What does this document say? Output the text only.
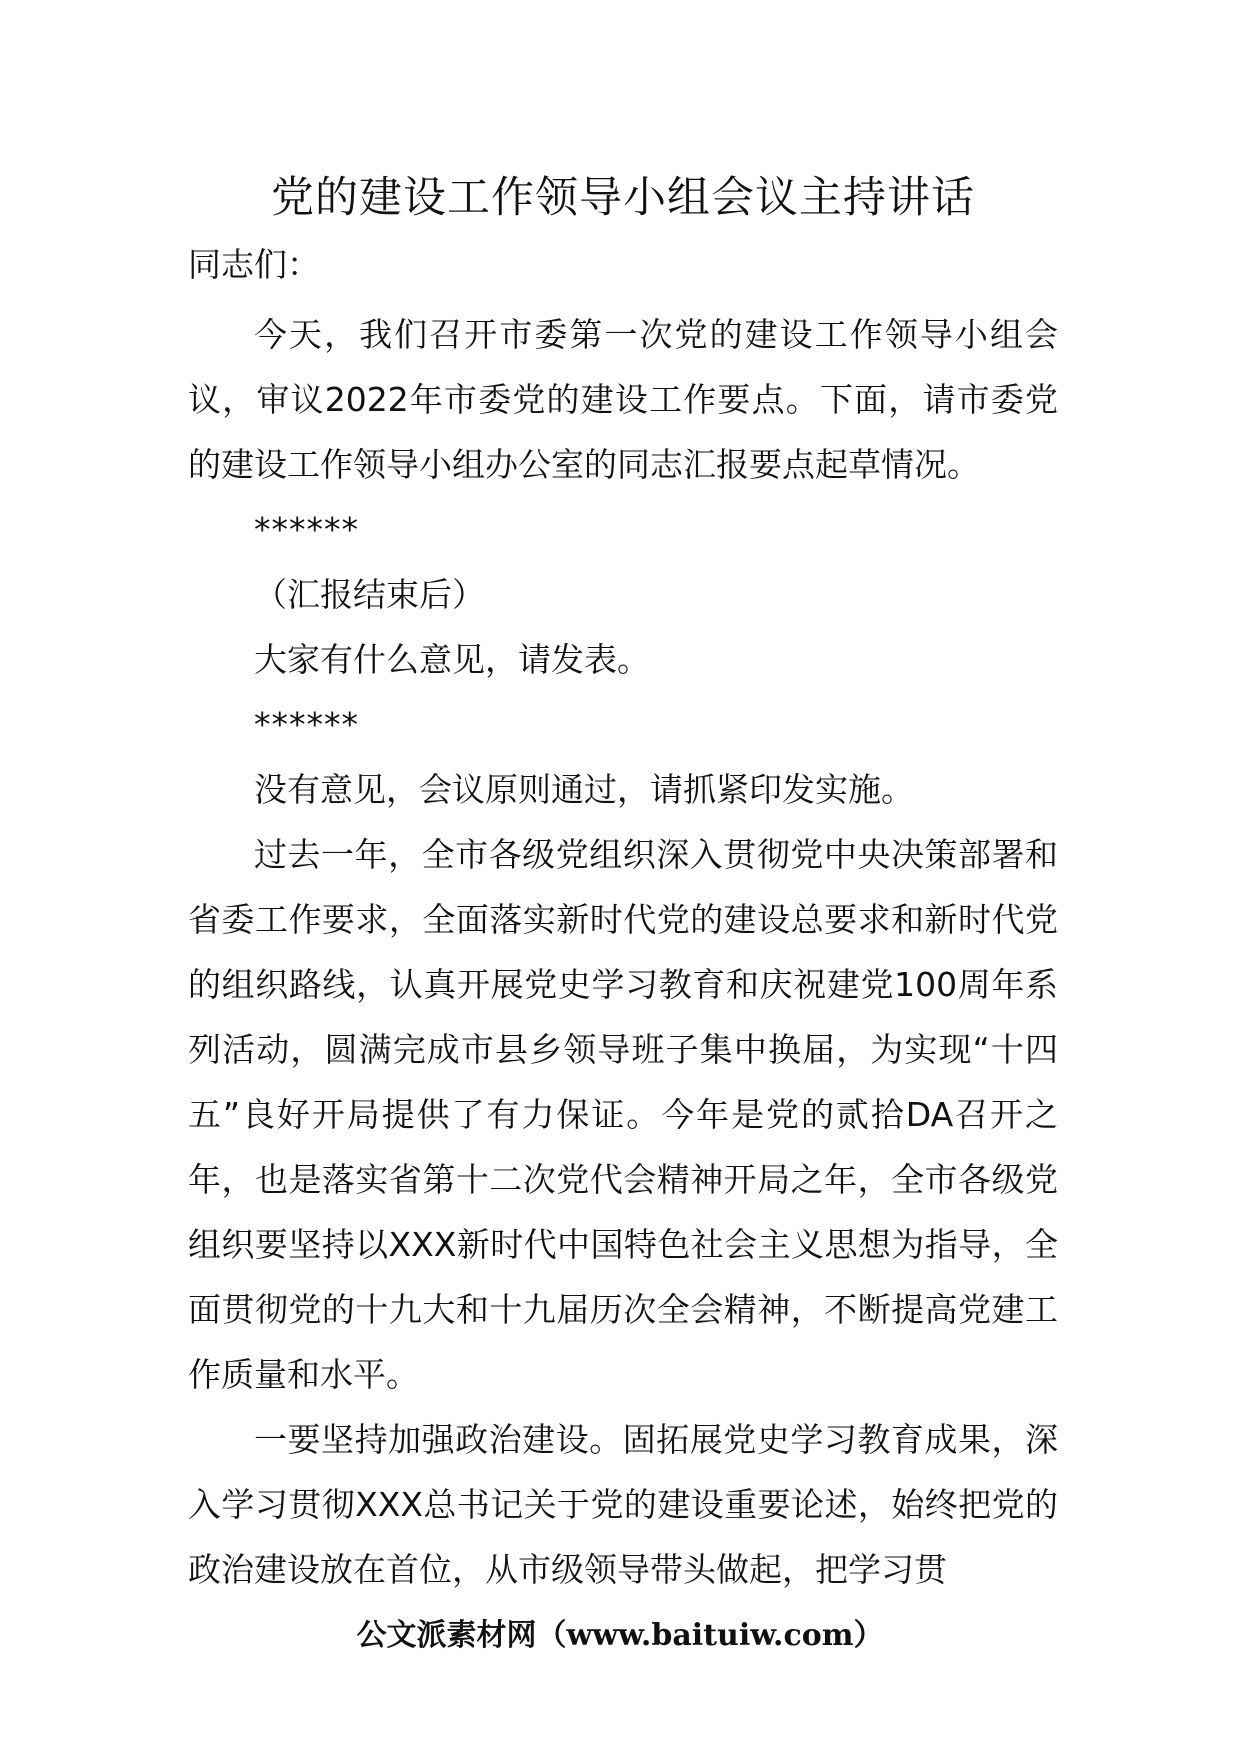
党的建设工作领导小组会议主持讲话

同志们：

今天，我们召开市委第一次党的建设工作领导小组会议，审议2022年市委党的建设工作要点。下面，请市委党的建设工作领导小组办公室的同志汇报要点起草情况。

******

（汇报结束后）

大家有什么意见，请发表。

******

没有意见，会议原则通过，请抓紧印发实施。

过去一年，全市各级党组织深入贯彻党中央决策部署和省委工作要求，全面落实新时代党的建设总要求和新时代党的组织路线，认真开展党史学习教育和庆祝建党100周年系列活动，圆满完成市县乡领导班子集中换届，为实现“十四五”良好开局提供了有力保证。今年是党的贰拾DA召开之年，也是落实省第十二次党代会精神开局之年，全市各级党组织要坚持以XXX新时代中国特色社会主义思想为指导，全面贯彻党的十九大和十九届历次全会精神，不断提高党建工作质量和水平。

一要坚持加强政治建设。固拓展党史学习教育成果，深入学习贯彻XXX总书记关于党的建设重要论述，始终把党的政治建设放在首位，从市级领导带头做起，把学习贯

公文派素材网（www.baituiw.com）
